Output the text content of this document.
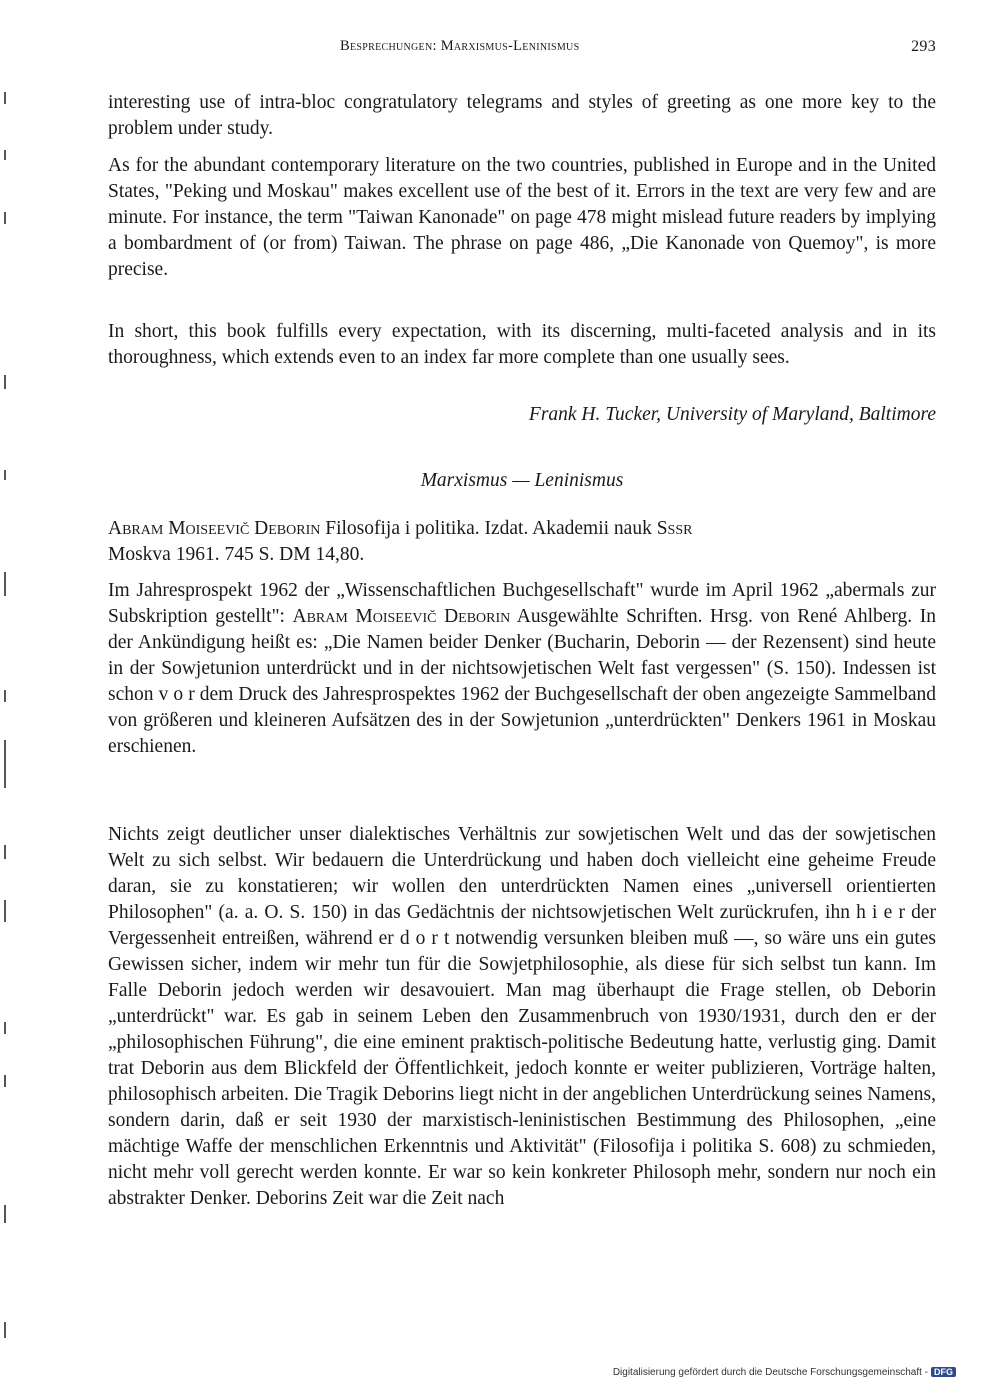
Besprechungen: Marxismus-Leninismus	293

interesting use of intra-bloc congratulatory telegrams and styles of greeting as one more key to the problem under study.

As for the abundant contemporary literature on the two countries, published in Europe and in the United States, "Peking und Moskau" makes excellent use of the best of it. Errors in the text are very few and are minute. For instance, the term "Taiwan Kanonade" on page 478 might mislead future readers by implying a bombardment of (or from) Taiwan. The phrase on page 486, „Die Kanonade von Quemoy", is more precise.

In short, this book fulfills every expectation, with its discerning, multi-faceted analysis and in its thoroughness, which extends even to an index far more complete than one usually sees.

Frank H. Tucker, University of Maryland, Baltimore
Marxismus — Leninismus

Abram Moiseevič Deborin Filosofija i politika. Izdat. Akademii nauk Sssr

Moskva 1961. 745 S. DM 14,80.

Im Jahresprospekt 1962 der „Wissenschaftlichen Buchgesellschaft" wurde im April 1962 „abermals zur Subskription gestellt": Abram Moiseevič Deborin Ausgewählte Schriften. Hrsg. von René Ahlberg. In der Ankündigung heißt es: „Die Namen beider Denker (Bucharin, Deborin — der Rezensent) sind heute in der Sowjetunion unterdrückt und in der nichtsowjetischen Welt fast vergessen" (S. 150). Indessen ist schon v o r dem Druck des Jahresprospektes 1962 der Buchgesellschaft der oben angezeigte Sammelband von größeren und kleineren Aufsätzen des in der Sowjetunion „unterdrückten" Denkers 1961 in Moskau erschienen.

Nichts zeigt deutlicher unser dialektisches Verhältnis zur sowjetischen Welt und das der sowjetischen Welt zu sich selbst. Wir bedauern die Unterdrückung und haben doch vielleicht eine geheime Freude daran, sie zu konstatieren; wir wollen den unterdrückten Namen eines „universell orientierten Philosophen" (a. a. O. S. 150) in das Gedächtnis der nichtsowjetischen Welt zurückrufen, ihn h i e r der Vergessenheit entreißen, während er d o r t notwendig versunken bleiben muß —, so wäre uns ein gutes Gewissen sicher, indem wir mehr tun für die Sowjetphilosophie, als diese für sich selbst tun kann. Im Falle Deborin jedoch werden wir desavouiert. Man mag überhaupt die Frage stellen, ob Deborin „unterdrückt" war. Es gab in seinem Leben den Zusammenbruch von 1930/1931, durch den er der „philosophischen Führung", die eine eminent praktisch-politische Bedeutung hatte, verlustig ging. Damit trat Deborin aus dem Blickfeld der Öffentlichkeit, jedoch konnte er weiter publizieren, Vorträge halten, philosophisch arbeiten. Die Tragik Deborins liegt nicht in der angeblichen Unterdrückung seines Namens, sondern darin, daß er seit 1930 der marxistisch-leninistischen Bestimmung des Philosophen, „eine mächtige Waffe der menschlichen Erkenntnis und Aktivität" (Filosofija i politika S. 608) zu schmieden, nicht mehr voll gerecht werden konnte. Er war so kein konkreter Philosoph mehr, sondern nur noch ein abstrakter Denker. Deborins Zeit war die Zeit nach

Digitalisierung gefördert durch die Deutsche Forschungsgemeinschaft - DFG
